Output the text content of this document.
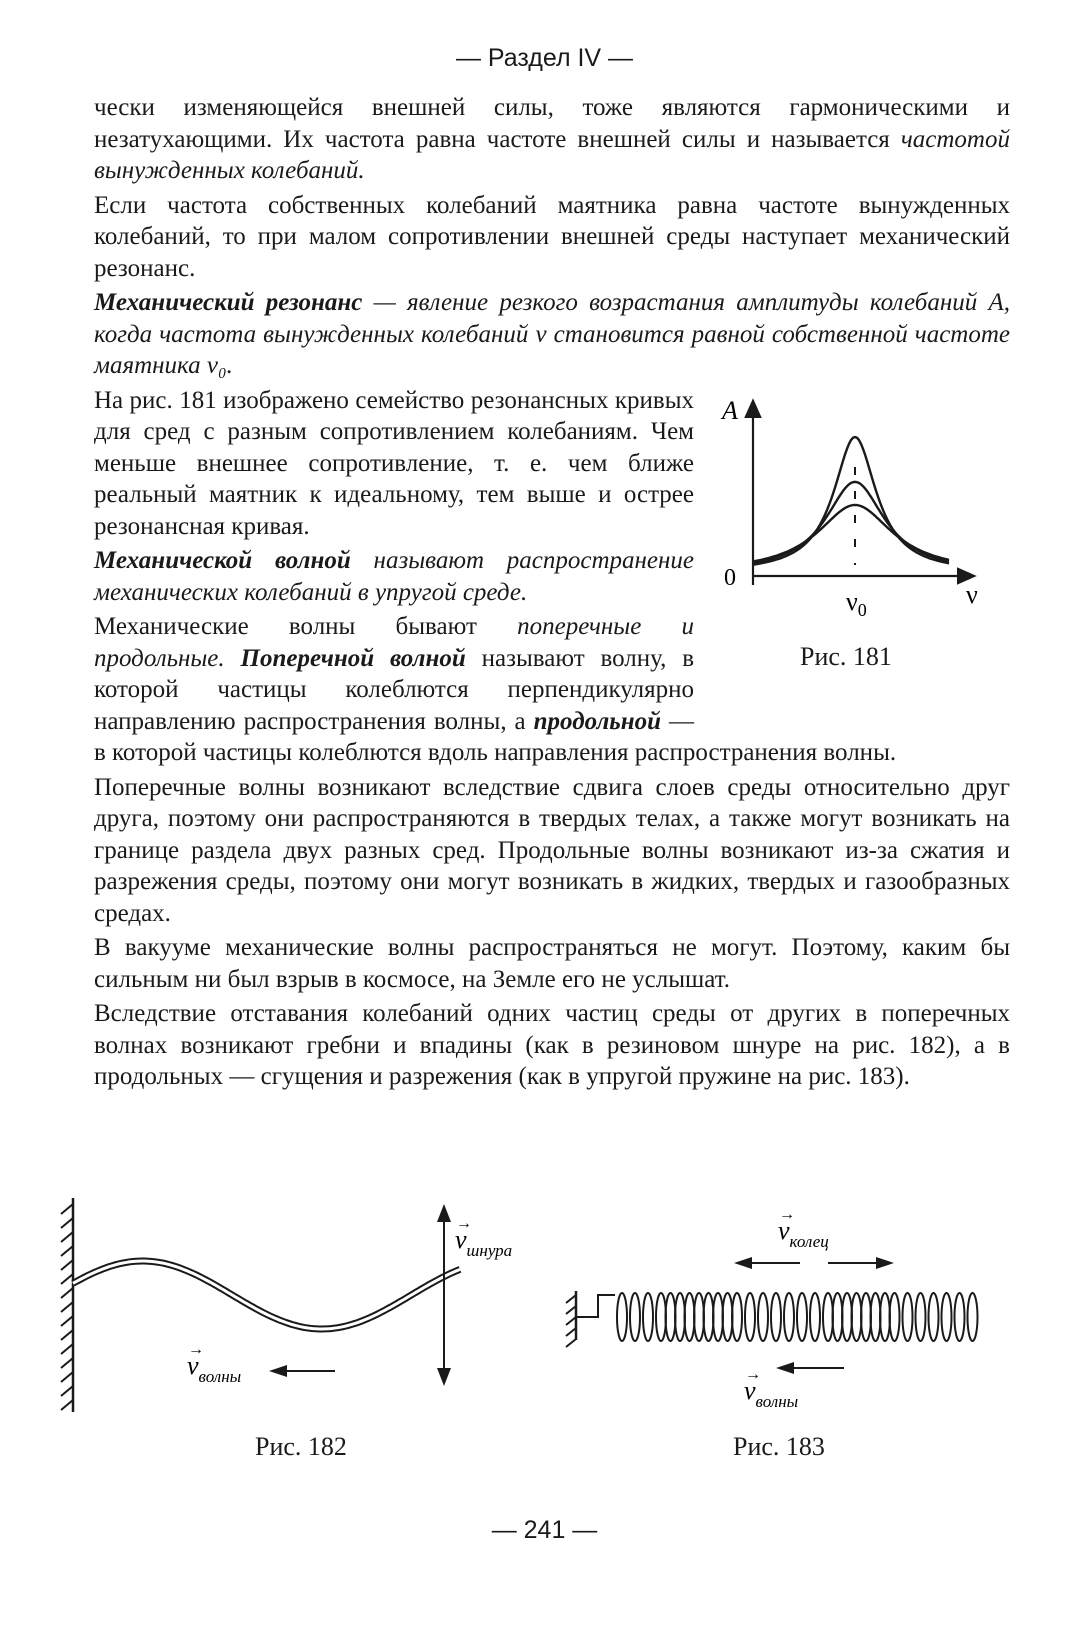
— Раздел IV —

чески изменяющейся внешней силы, тоже являются гармоническими и незатухающими. Их частота равна частоте внешней силы и называется частотой вынужденных колебаний.

Если частота собственных колебаний маятника равна частоте вынужденных колебаний, то при малом сопротивлении внешней среды наступает механический резонанс.

Механический резонанс — явление резкого возрастания амплитуды колебаний А, когда частота вынужденных колебаний ν становится равной собственной частоте маятника ν₀.

На рис. 181 изображено семейство резонансных кривых для сред с разным сопротивлением колебаниям. Чем меньше внешнее сопротивление, т. е. чем ближе реальный маятник к идеальному, тем выше и острее резонансная кривая.

Механической волной называют распространение механических колебаний в упругой среде.

Механические волны бывают поперечные и продольные. Поперечной волной называют волну, в которой частицы колеблются перпендикулярно направлению распространения волны, а продольной — в которой частицы колеблются вдоль направления распространения волны.

Поперечные волны возникают вследствие сдвига слоев среды относительно друг друга, поэтому они распространяются в твердых телах, а также могут возникать на границе раздела двух разных сред. Продольные волны возникают из-за сжатия и разрежения среды, поэтому они могут возникать в жидких, твердых и газообразных средах.

В вакууме механические волны распространяться не могут. Поэтому, каким бы сильным ни был взрыв в космосе, на Земле его не услышат.

Вследствие отставания колебаний одних частиц среды от других в поперечных волнах возникают гребни и впадины (как в резиновом шнуре на рис. 182), а в продольных — сгущения и разрежения (как в упругой пружине на рис. 183).

A
ν
0
$\nu_0$
Рис. 181
$v_{шнура}$
→
$v_{волны}$
→
Рис. 182
$v_{колец}$
→
$v_{волны}$
→
Рис. 183
— 241 —
